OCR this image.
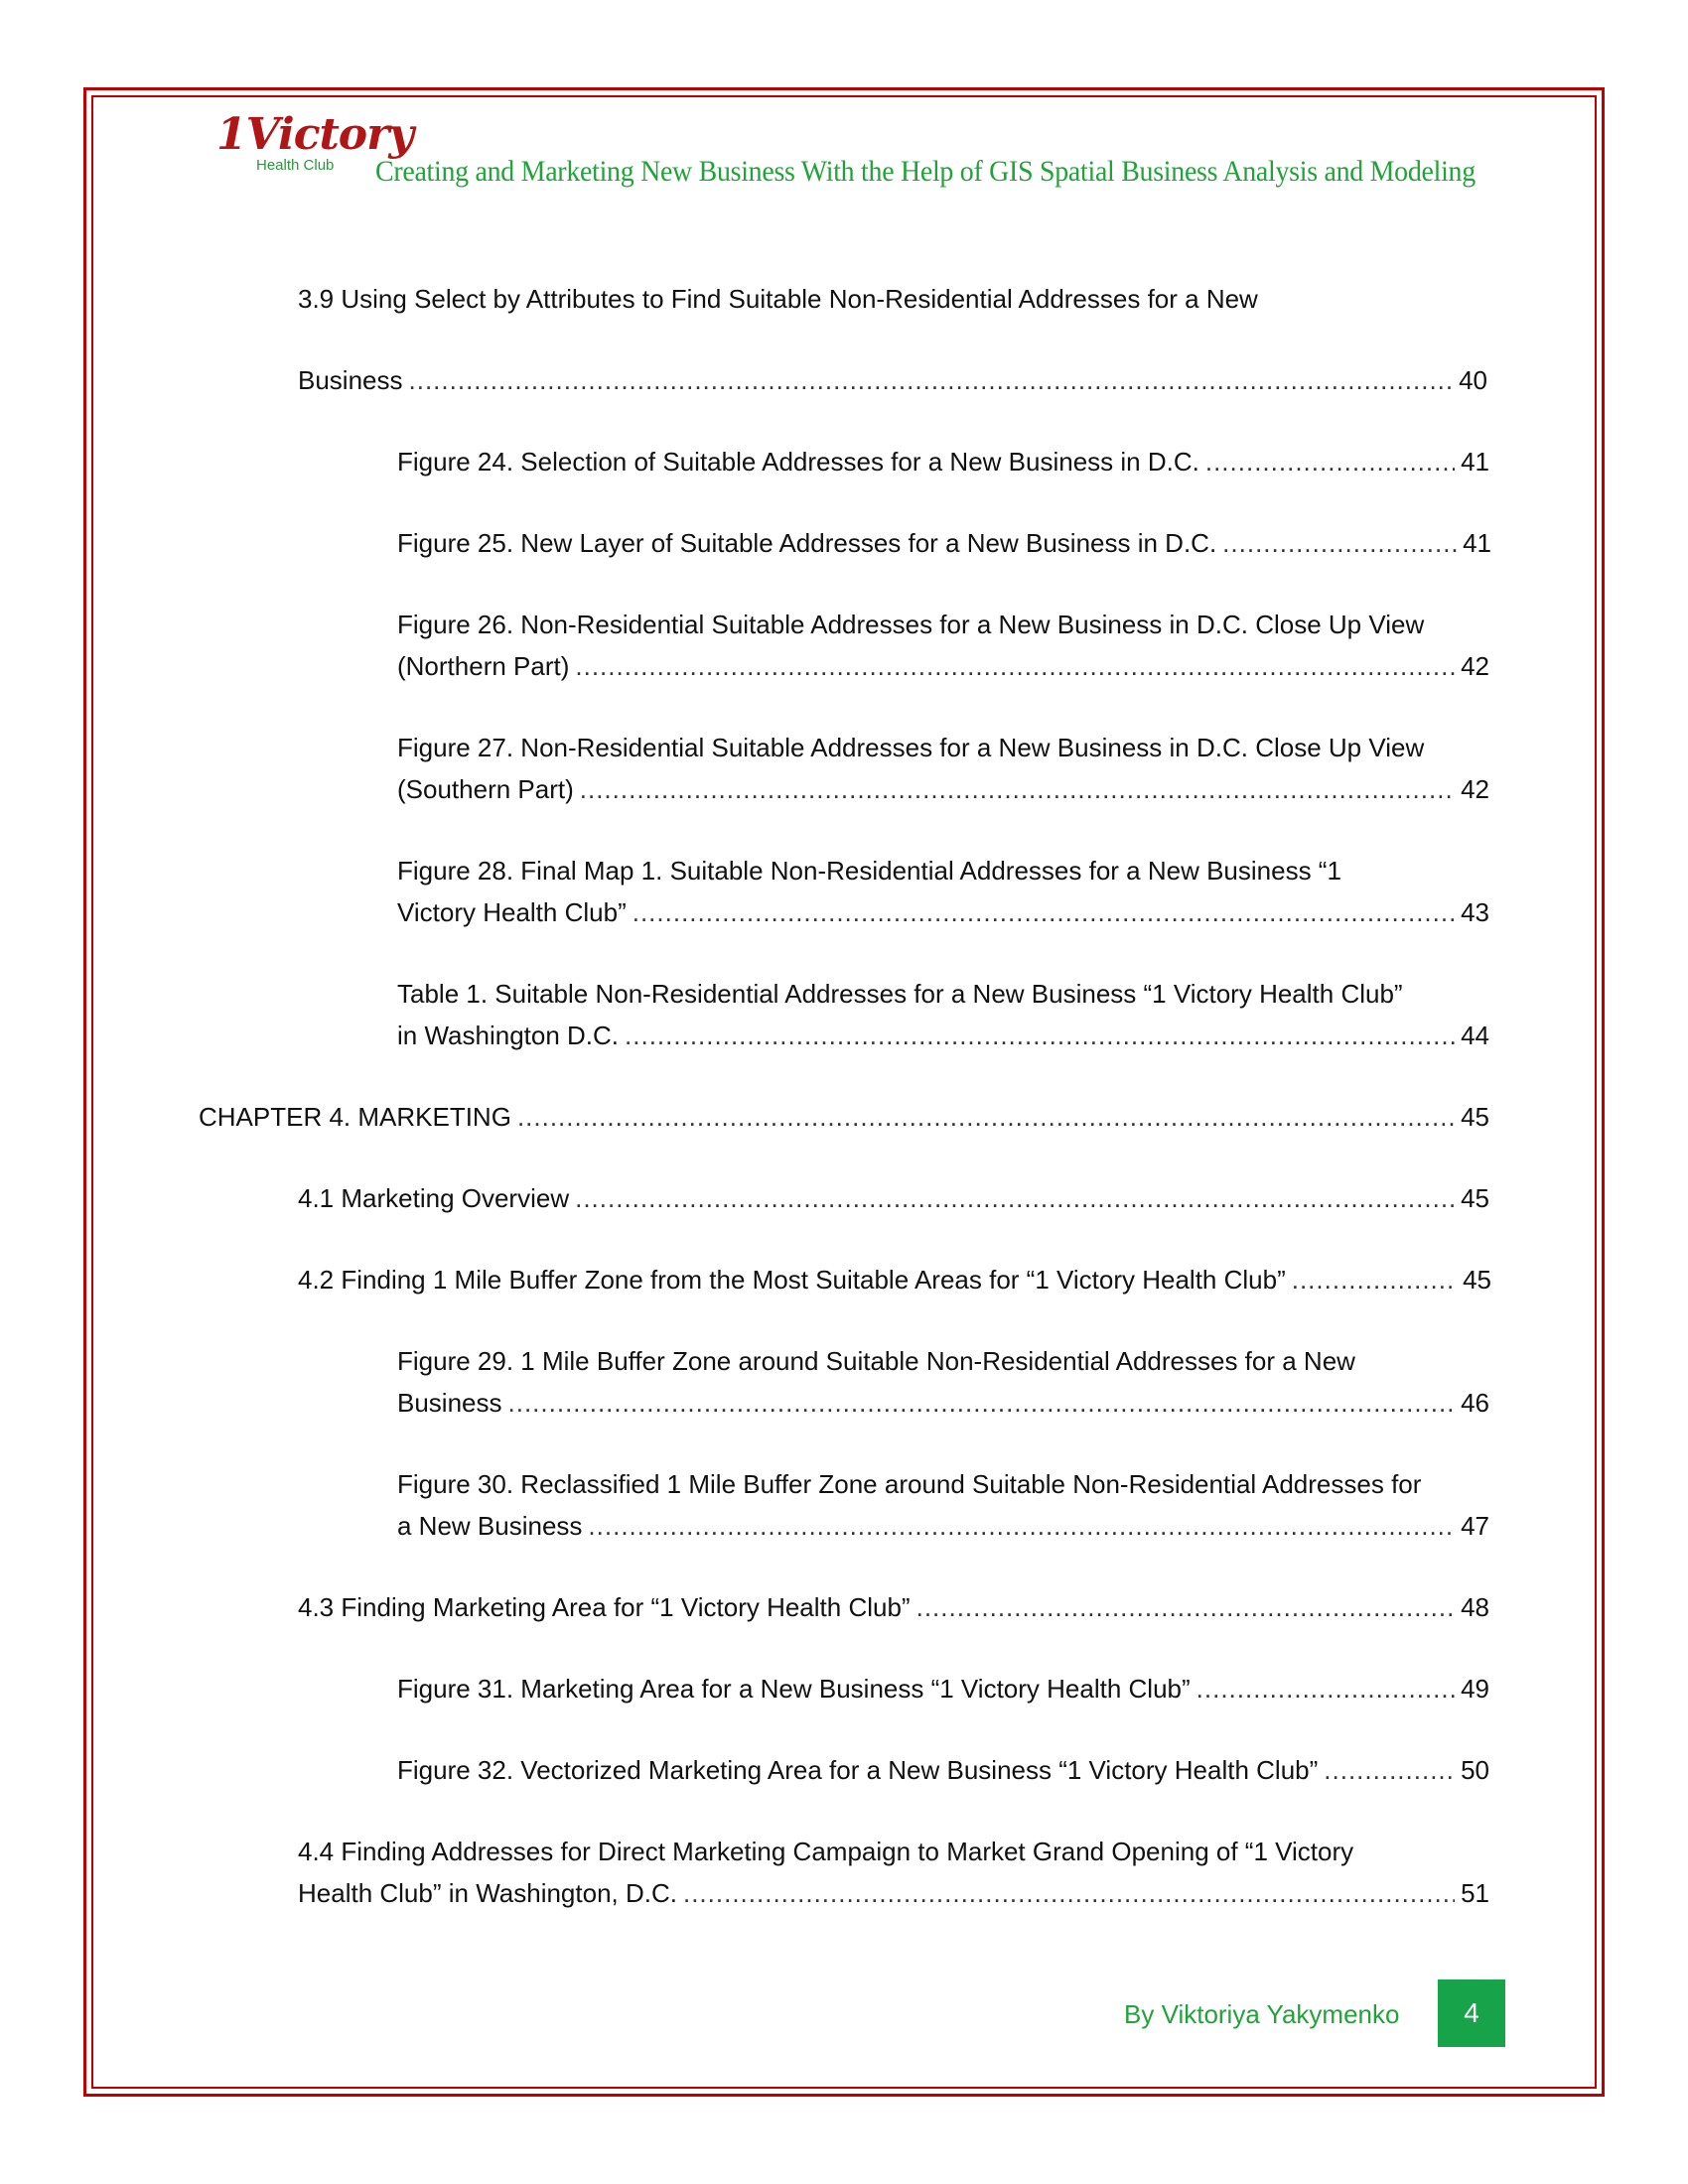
1Victory
Health Club Creating and Marketing New Business With the Help of GIS Spatial Business Analysis and Modeling
3.9 Using Select by Attributes to Find Suitable Non-Residential Addresses for a New
Business .....	40
Figure 24. Selection of Suitable Addresses for a New Business in D.C. .....	41
Figure 25. New Layer of Suitable Addresses for a New Business in D.C. .....	41
Figure 26. Non-Residential Suitable Addresses for a New Business in D.C. Close Up View
(Northern Part) .....	42
Figure 27. Non-Residential Suitable Addresses for a New Business in D.C. Close Up View
(Southern Part) .....	42
Figure 28. Final Map 1. Suitable Non-Residential Addresses for a New Business “1
Victory Health Club” .....	43
Table 1. Suitable Non-Residential Addresses for a New Business “1 Victory Health Club”
in Washington D.C. .....	44
CHAPTER 4. MARKETING .....	45
4.1 Marketing Overview .....	45
4.2 Finding 1 Mile Buffer Zone from the Most Suitable Areas for “1 Victory Health Club” .....	45
Figure 29. 1 Mile Buffer Zone around Suitable Non-Residential Addresses for a New
Business .....	46
Figure 30. Reclassified 1 Mile Buffer Zone around Suitable Non-Residential Addresses for
a New Business .....	47
4.3 Finding Marketing Area for “1 Victory Health Club” .....	48
Figure 31. Marketing Area for a New Business “1 Victory Health Club” .....	49
Figure 32. Vectorized Marketing Area for a New Business “1 Victory Health Club” .....	50
4.4 Finding Addresses for Direct Marketing Campaign to Market Grand Opening of “1 Victory
Health Club” in Washington, D.C. .....	51
By Viktoriya Yakymenko	4
